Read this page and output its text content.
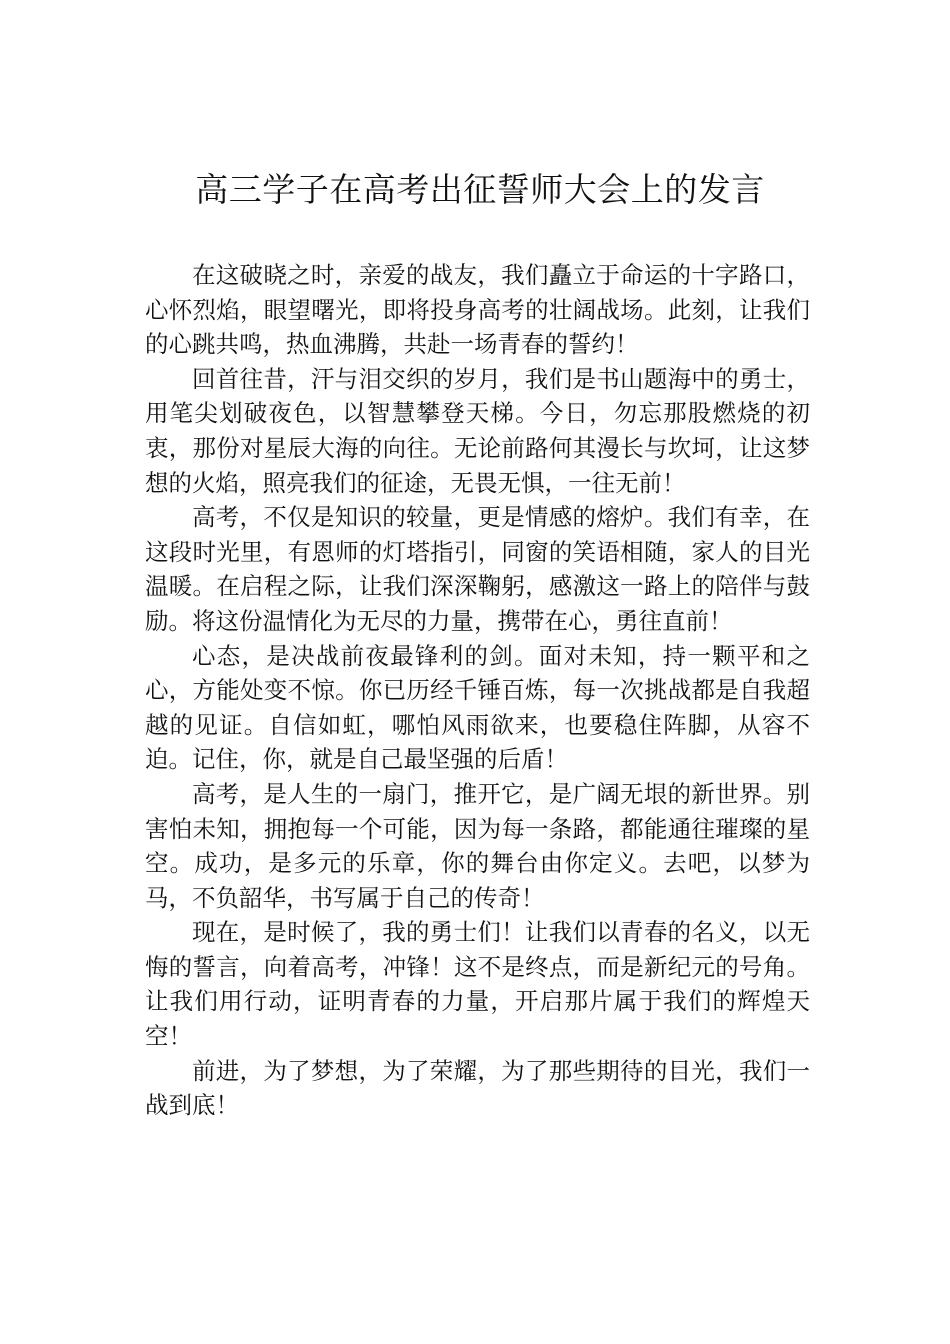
高三学子在高考出征誓师大会上的发言

在这破晓之时，亲爱的战友，我们矗立于命运的十字路口，心怀烈焰，眼望曙光，即将投身高考的壮阔战场。此刻，让我们的心跳共鸣，热血沸腾，共赴一场青春的誓约！

回首往昔，汗与泪交织的岁月，我们是书山题海中的勇士，用笔尖划破夜色，以智慧攀登天梯。今日，勿忘那股燃烧的初衷，那份对星辰大海的向往。无论前路何其漫长与坎坷，让这梦想的火焰，照亮我们的征途，无畏无惧，一往无前！

高考，不仅是知识的较量，更是情感的熔炉。我们有幸，在这段时光里，有恩师的灯塔指引，同窗的笑语相随，家人的目光温暖。在启程之际，让我们深深鞠躬，感激这一路上的陪伴与鼓励。将这份温情化为无尽的力量，携带在心，勇往直前！

心态，是决战前夜最锋利的剑。面对未知，持一颗平和之心，方能处变不惊。你已历经千锤百炼，每一次挑战都是自我超越的见证。自信如虹，哪怕风雨欲来，也要稳住阵脚，从容不迫。记住，你，就是自己最坚强的后盾！

高考，是人生的一扇门，推开它，是广阔无垠的新世界。别害怕未知，拥抱每一个可能，因为每一条路，都能通往璀璨的星空。成功，是多元的乐章，你的舞台由你定义。去吧，以梦为马，不负韶华，书写属于自己的传奇！

现在，是时候了，我的勇士们！让我们以青春的名义，以无悔的誓言，向着高考，冲锋！这不是终点，而是新纪元的号角。让我们用行动，证明青春的力量，开启那片属于我们的辉煌天空！

前进，为了梦想，为了荣耀，为了那些期待的目光，我们一战到底！
